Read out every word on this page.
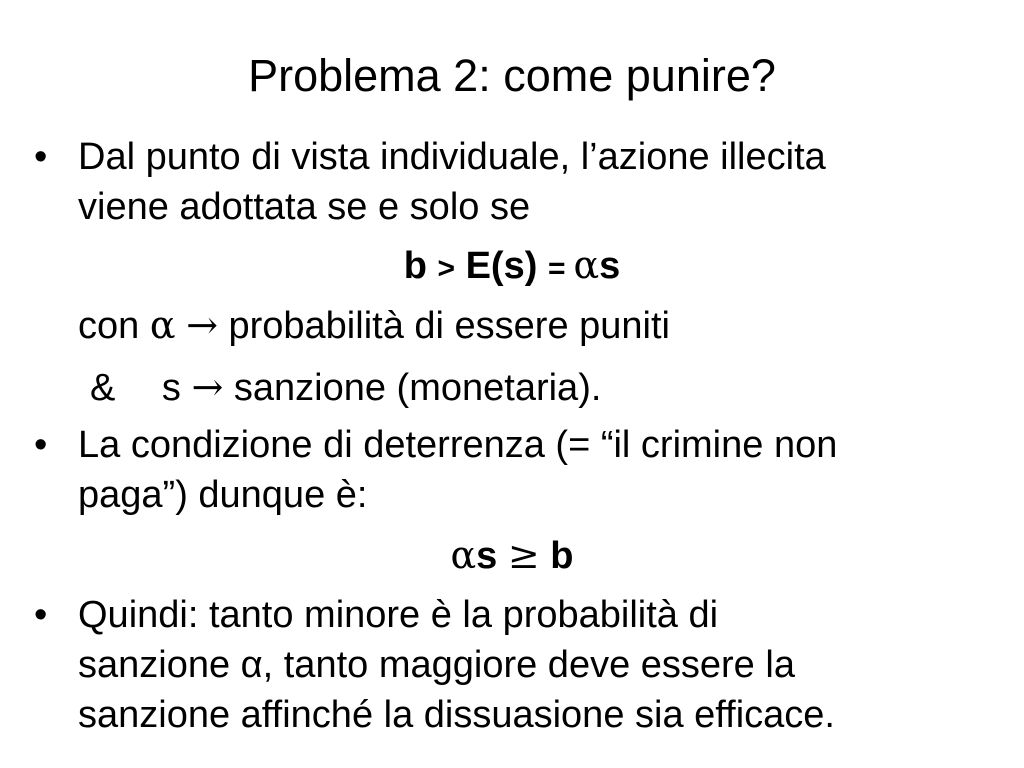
Problema 2: come punire?
• Dal punto di vista individuale, l’azione illecita
viene adottata se e solo se
b > E(s) = αs
con α → probabilità di essere puniti
& s → sanzione (monetaria).
• La condizione di deterrenza (= “il crimine non
paga”) dunque è:
αs ≥ b
• Quindi: tanto minore è la probabilità di
sanzione α, tanto maggiore deve essere la
sanzione affinché la dissuasione sia efficace.
